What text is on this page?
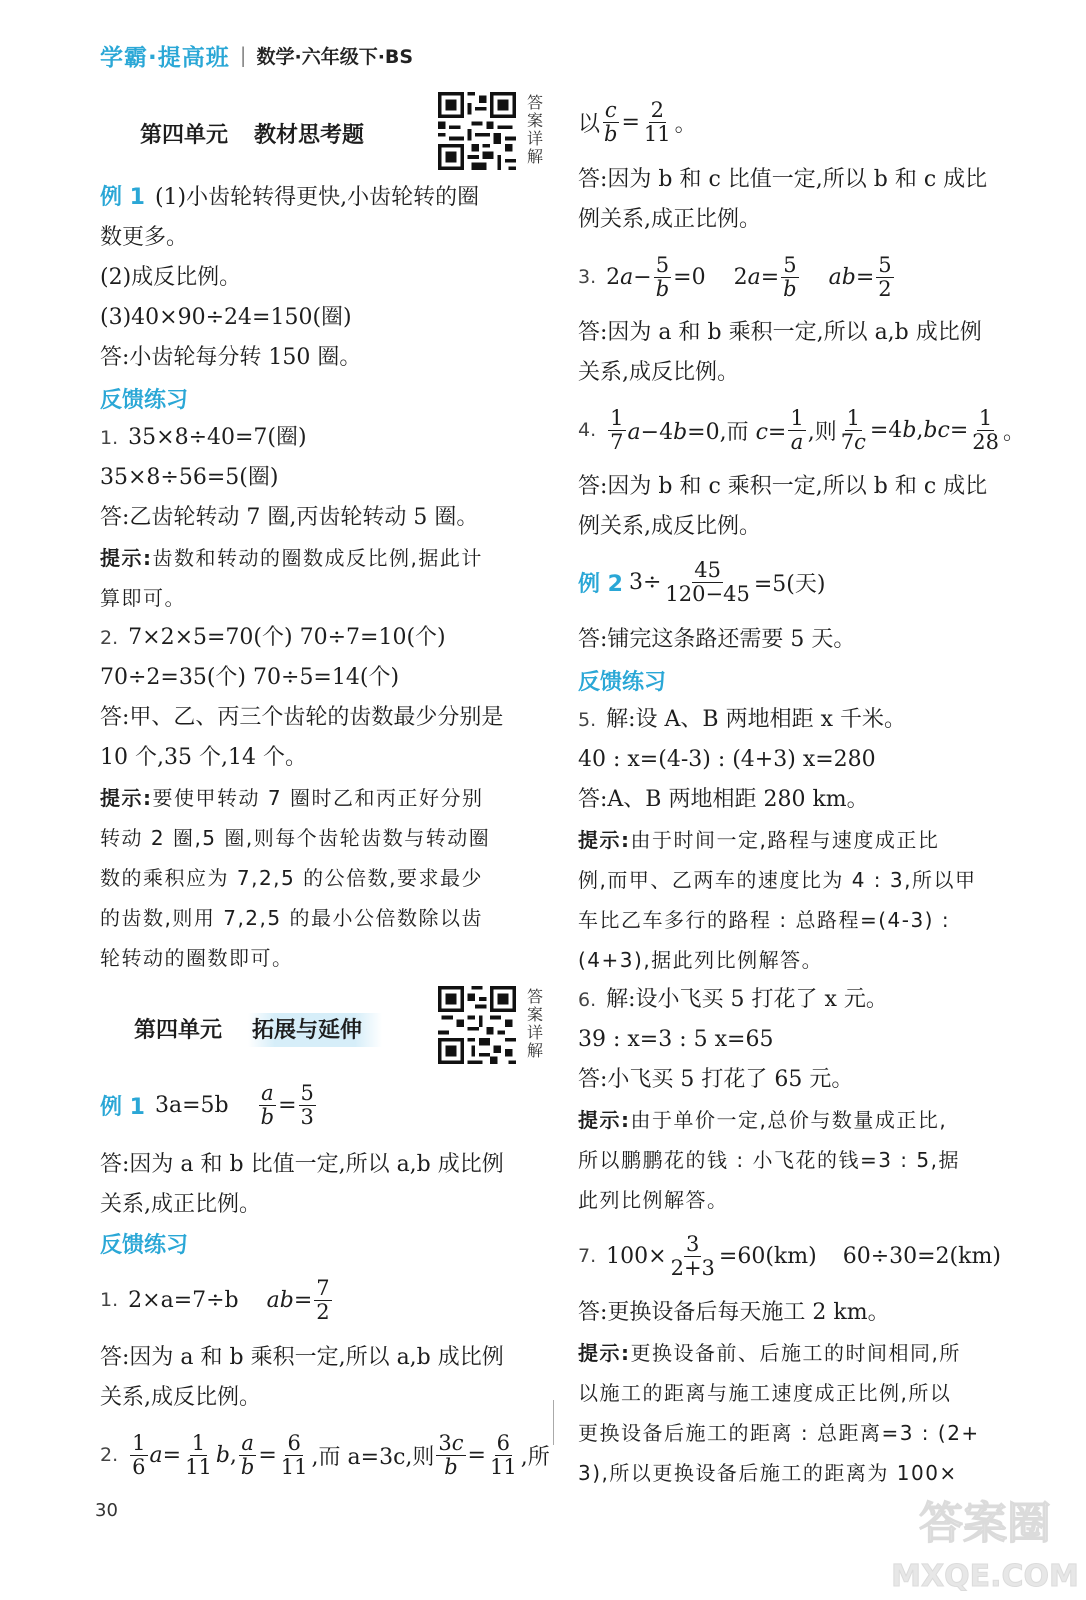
学霸·提高班 | 数学·六年级下·BS
第四单元 教材思考题
答案详解
例 1 (1)小齿轮转得更快,小齿轮转的圈
数更多。
(2)成反比例。
(3)40×90÷24=150(圈)
答:小齿轮每分转 150 圈。
反馈练习
1. 35×8÷40=7(圈)
35×8÷56=5(圈)
答:乙齿轮转动 7 圈,丙齿轮转动 5 圈。
提示:齿数和转动的圈数成反比例,据此计
算即可。
2. 7×2×5=70(个) 70÷7=10(个)
70÷2=35(个) 70÷5=14(个)
答:甲、乙、丙三个齿轮的齿数最少分别是
10 个,35 个,14 个。
提示:要使甲转动 7 圈时乙和丙正好分别
转动 2 圈,5 圈,则每个齿轮齿数与转动圈
数的乘积应为 7,2,5 的公倍数,要求最少
的齿数,则用 7,2,5 的最小公倍数除以齿
轮转动的圈数即可。
第四单元 拓展与延伸
答案详解
例 1 $3a=5b \frac{a}{b} = \frac{5}{3}$
答:因为 a 和 b 比值一定,所以 a,b 成比例
关系,成正比例。
反馈练习
1. 2×a=7÷b $ab= \frac{7}{2}$
答:因为 a 和 b 乘积一定,所以 a,b 成比例
关系,成反比例。
2. $\frac{1}{6}$ $a = \frac{1}{11}$ b , $\frac{a}{b} = \frac{6}{11}$ ,而 a=3c,则 $\frac{3c}{b} = \frac{6}{11}$ ,所
以 $\frac{c}{b} = \frac{2}{11}$ 。
答:因为 b 和 c 比值一定,所以 b 和 c 成比
例关系,成正比例。
3. $2a- \frac{5}{b} =0$ $2a= \frac{5}{b} ab= \frac{5}{2}$
答:因为 a 和 b 乘积一定,所以 a,b 成比例
关系,成反比例。
4. $\frac{1}{7} a-4b=0$,而 $c= \frac{1}{a}$ ,则 $\frac{1}{7c} =4b,bc= \frac{1}{28}$ 。
答:因为 b 和 c 乘积一定,所以 b 和 c 成比
例关系,成反比例。
例 2 $3\div \frac{45}{120-45} =5$(天)
答:铺完这条路还需要 5 天。
反馈练习
5. 解:设 A、B 两地相距 x 千米。
40 : x=(4-3) : (4+3) x=280
答:A、B 两地相距 280 km。
提示:由于时间一定,路程与速度成正比
例,而甲、乙两车的速度比为 4 : 3,所以甲
车比乙车多行的路程 : 总路程=(4-3) :
(4+3),据此列比例解答。
6. 解:设小飞买 5 打花了 x 元。
39 : x=3 : 5 x=65
答:小飞买 5 打花了 65 元。
提示:由于单价一定,总价与数量成正比,
所以鹏鹏花的钱 : 小飞花的钱=3 : 5,据
此列比例解答。
7. $100\times \frac{3}{2+3} =60(km)$ 60÷30=2(km)
答:更换设备后每天施工 2 km。
提示:更换设备前、后施工的时间相同,所
以施工的距离与施工速度成正比例,所以
更换设备后施工的距离 : 总距离=3 : (2+
3),所以更换设备后施工的距离为 100×
30	答案圈
MXQE.COM
